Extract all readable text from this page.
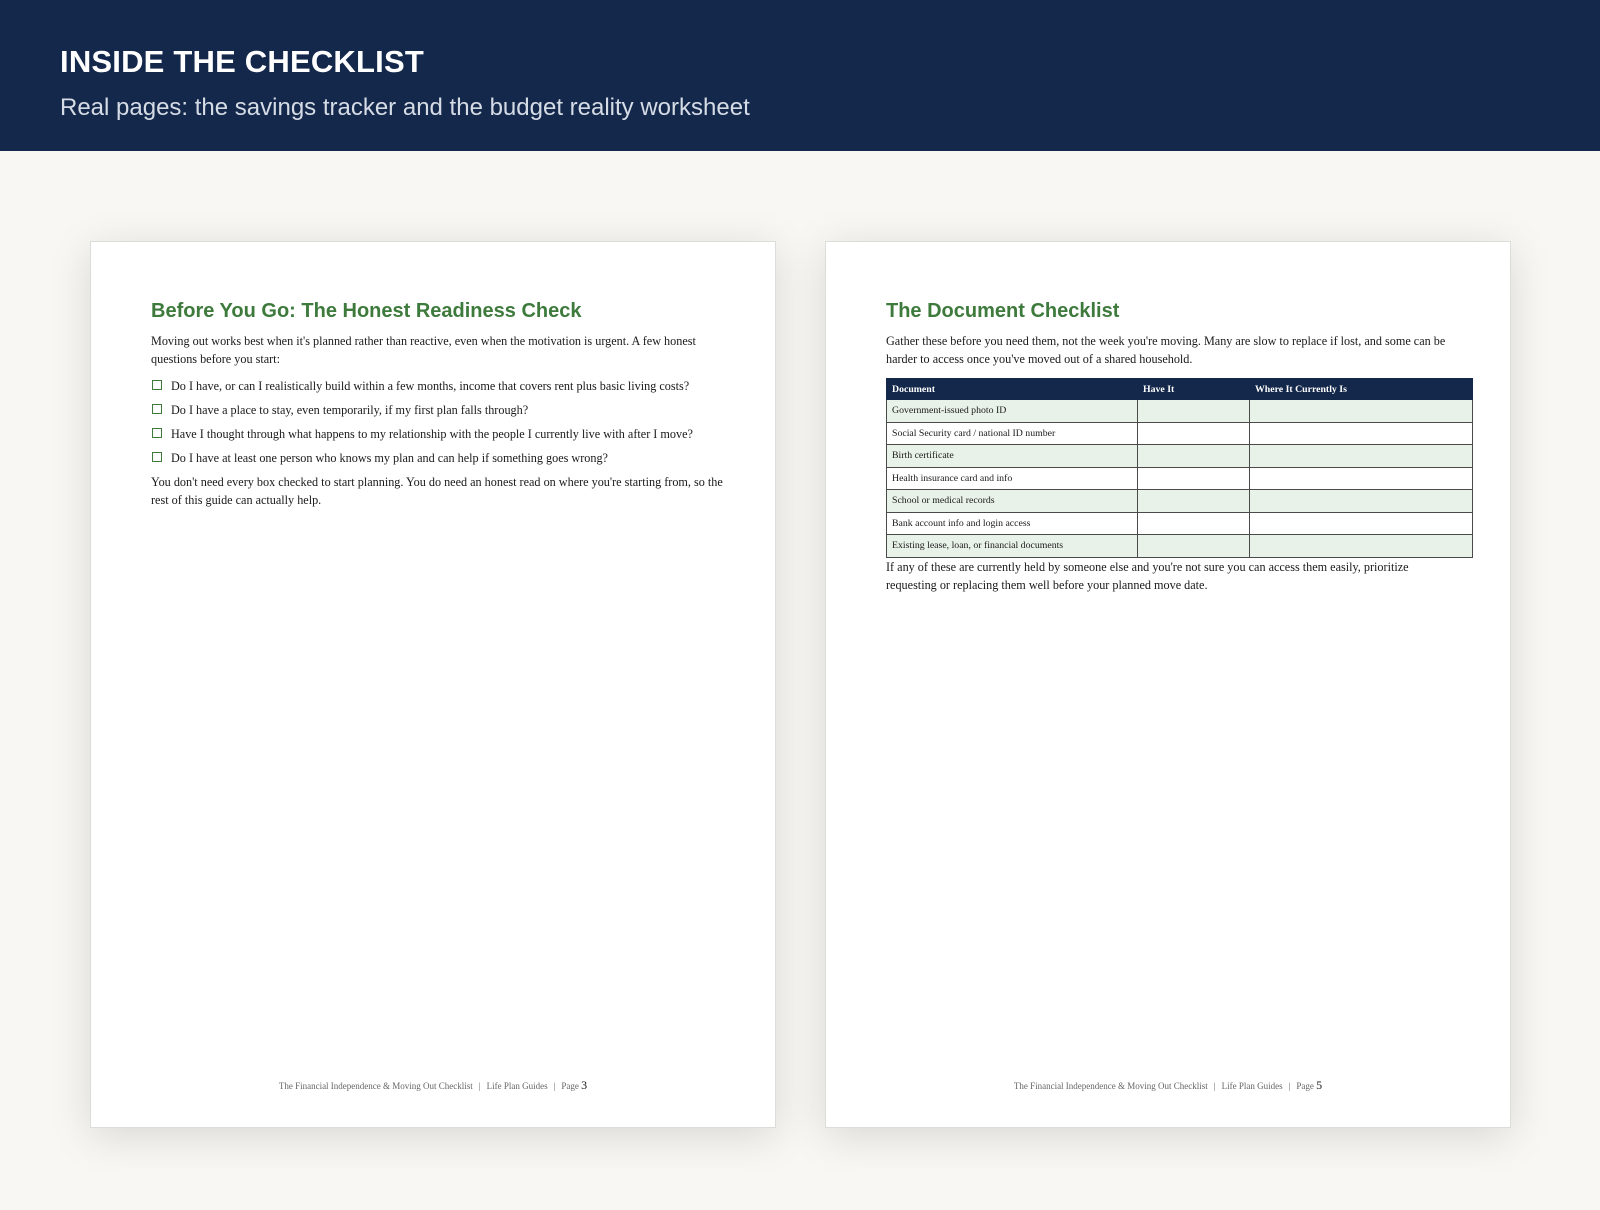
INSIDE THE CHECKLIST

Real pages: the savings tracker and the budget reality worksheet

Before You Go: The Honest Readiness Check

Moving out works best when it's planned rather than reactive, even when the motivation is urgent. A few honest questions before you start:

Do I have, or can I realistically build within a few months, income that covers rent plus basic living costs?
Do I have a place to stay, even temporarily, if my first plan falls through?
Have I thought through what happens to my relationship with the people I currently live with after I move?
Do I have at least one person who knows my plan and can help if something goes wrong?

You don't need every box checked to start planning. You do need an honest read on where you're starting from, so the rest of this guide can actually help.

The Financial Independence & Moving Out Checklist | Life Plan Guides | Page 3
The Document Checklist

Gather these before you need them, not the week you're moving. Many are slow to replace if lost, and some can be harder to access once you've moved out of a shared household.

Document	Have It	Where It Currently Is
Government-issued photo ID		
Social Security card / national ID number		
Birth certificate		
Health insurance card and info		
School or medical records		
Bank account info and login access		
Existing lease, loan, or financial documents		

If any of these are currently held by someone else and you're not sure you can access them easily, prioritize requesting or replacing them well before your planned move date.

The Financial Independence & Moving Out Checklist | Life Plan Guides | Page 5
